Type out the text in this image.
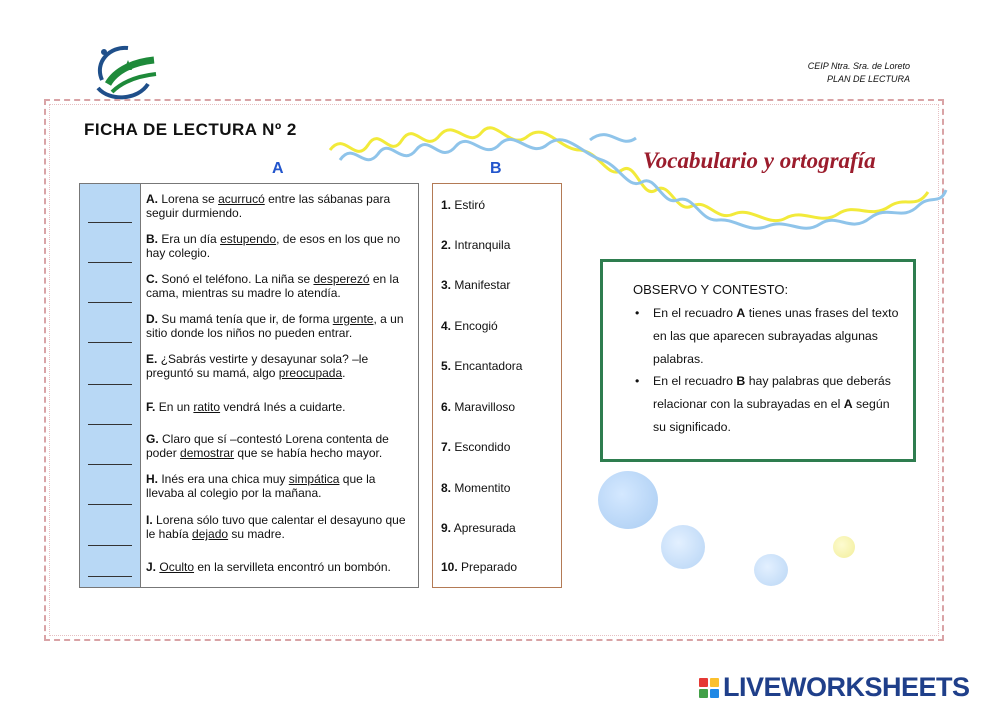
CEIP Ntra. Sra. de Loreto
PLAN DE LECTURA
FICHA DE LECTURA Nº 2
Vocabulario y ortografía
A	B
A. Lorena se acurrucó entre las sábanas para seguir durmiendo.
B. Era un día estupendo, de esos en los que no hay colegio.
C. Sonó el teléfono. La niña se desperezó en la cama, mientras su madre lo atendía.
D. Su mamá tenía que ir, de forma urgente, a un sitio donde los niños no pueden entrar.
E. ¿Sabrás vestirte y desayunar sola? –le preguntó su mamá, algo preocupada.
F. En un ratito vendrá Inés a cuidarte.
G. Claro que sí –contestó Lorena contenta de poder demostrar que se había hecho mayor.
H. Inés era una chica muy simpática que la llevaba al colegio por la mañana.
I. Lorena sólo tuvo que calentar el desayuno que le había dejado su madre.
J. Oculto en la servilleta encontró un bombón.
1. Estiró
2. Intranquila
3. Manifestar
4. Encogió
5. Encantadora
6. Maravilloso
7. Escondido
8. Momentito
9. Apresurada
10. Preparado
OBSERVO Y CONTESTO:
• En el recuadro A tienes unas frases del texto en las que aparecen subrayadas algunas palabras.
• En el recuadro B hay palabras que deberás relacionar con la subrayadas en el A según su significado.
LIVEWORKSHEETS
